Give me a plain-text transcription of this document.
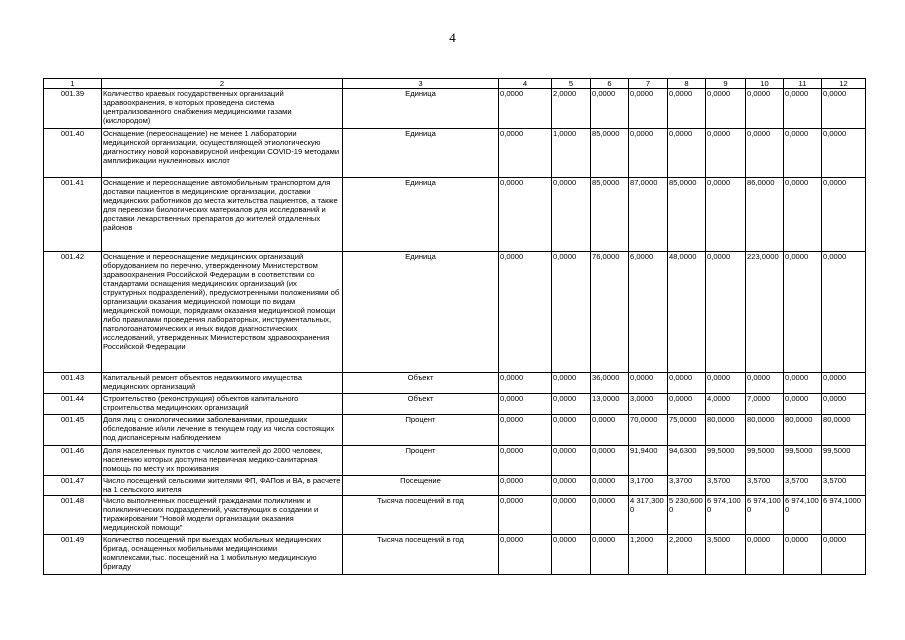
4
1	2	3	4	5	6	7	8	9	10	11	12
001.39	Количество краевых государственных организаций здравоохранения, в которых проведена система централизованного снабжения медицинскими газами (кислородом)	Единица	0,0000	2,0000	0,0000	0,0000	0,0000	0,0000	0,0000	0,0000	0,0000
001.40	Оснащение (переоснащение) не менее 1 лаборатории медицинской организации, осуществляющей этиологическую диагностику новой коронавирусной инфекции COVID-19 методами амплификации нуклеиновых кислот	Единица	0,0000	1,0000	85,0000	0,0000	0,0000	0,0000	0,0000	0,0000	0,0000
001.41	Оснащение и переоснащение автомобильным транспортом для доставки пациентов в медицинские организации, доставки медицинских работников до места жительства пациентов, а также для перевозки биологических материалов для исследований и доставки лекарственных препаратов до жителей отдаленных районов	Единица	0,0000	0,0000	85,0000	87,0000	85,0000	0,0000	86,0000	0,0000	0,0000
001.42	Оснащение и переоснащение медицинских организаций оборудованием по перечню, утвержденному Министерством здравоохранения Российской Федерации в соответствии со стандартами оснащения медицинских организаций (их структурных подразделений), предусмотренными положениями об организации оказания медицинской помощи по видам медицинской помощи, порядками оказания медицинской помощи либо правилами проведения лабораторных, инструментальных, патологоанатомических и иных видов диагностических исследований, утвержденных Министерством здравоохранения Российской Федерации	Единица	0,0000	0,0000	76,0000	6,0000	48,0000	0,0000	223,0000	0,0000	0,0000
001.43	Капитальный ремонт объектов недвижимого имущества медицинских организаций	Объект	0,0000	0,0000	36,0000	0,0000	0,0000	0,0000	0,0000	0,0000	0,0000
001.44	Строительство (реконструкция) объектов капитального строительства медицинских организаций	Объект	0,0000	0,0000	13,0000	3,0000	0,0000	4,0000	7,0000	0,0000	0,0000
001.45	Доля лиц с онкологическими заболеваниями, прошедших обследование и/или лечение в текущем году из числа состоящих под диспансерным наблюдением	Процент	0,0000	0,0000	0,0000	70,0000	75,0000	80,0000	80,0000	80,0000	80,0000
001.46	Доля населенных пунктов с числом жителей до 2000 человек, населению которых доступна первичная медико-санитарная помощь по месту их проживания	Процент	0,0000	0,0000	0,0000	91,9400	94,6300	99,5000	99,5000	99,5000	99,5000
001.47	Число посещений сельскими жителями ФП, ФАПов и ВА, в расчете на 1 сельского жителя	Посещение	0,0000	0,0000	0,0000	3,1700	3,3700	3,5700	3,5700	3,5700	3,5700
001.48	Число выполненных посещений гражданами поликлиник и поликлинических подразделений, участвующих в создании и тиражировании "Новой модели организации оказания медицинской помощи"	Тысяча посещений в год	0,0000	0,0000	0,0000	4 317,3000	5 230,6000	6 974,1000	6 974,1000	6 974,1000	6 974,1000
001.49	Количество посещений при выездах мобильных медицинских бригад, оснащенных мобильными медицинскими комплексами,тыс. посещений на 1 мобильную медицинскую бригаду	Тысяча посещений в год	0,0000	0,0000	0,0000	1,2000	2,2000	3,5000	0,0000	0,0000	0,0000
